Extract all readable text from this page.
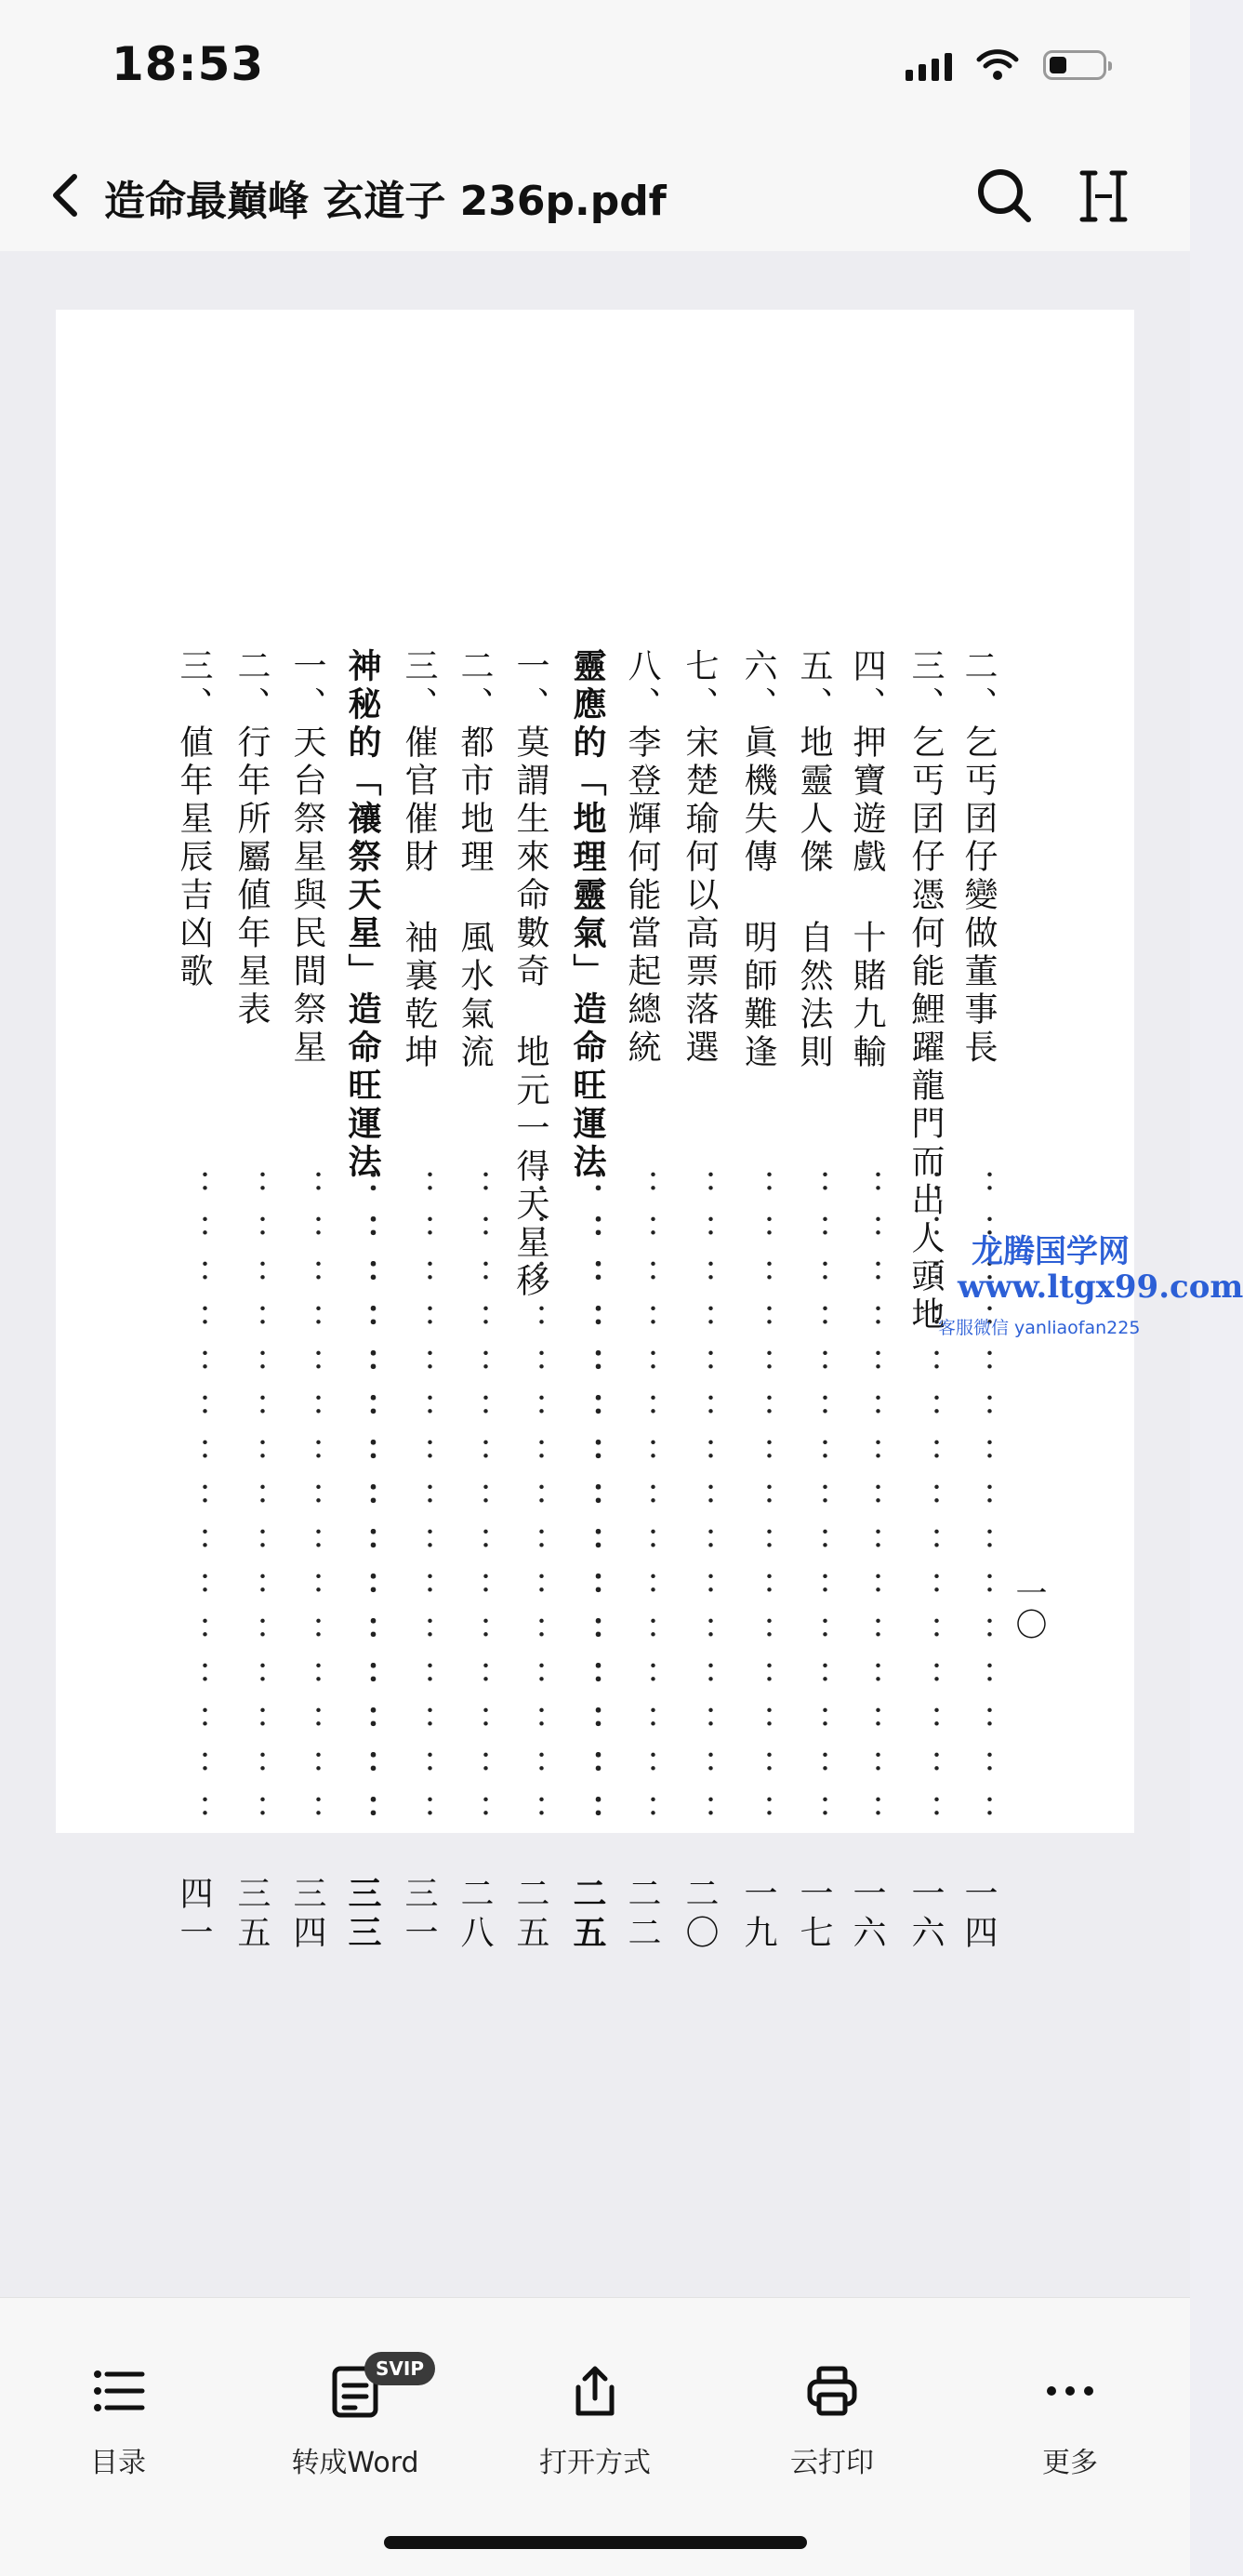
18:53
造命最巔峰 玄道子 236p.pdf
二、乞丐囝仔變做董事長
：：：：：：：：：：：：：：：
一四
三、乞丐囝仔憑何能鯉躍龍門而出人頭地
：：：：：：：：：：：：：：：
一六
四、押寶遊戲 十賭九輸
：：：：：：：：：：：：：：：
一六
五、地靈人傑 自然法則
：：：：：：：：：：：：：：：
一七
六、眞機失傳 明師難逢
：：：：：：：：：：：：：：：
一九
七、宋楚瑜何以高票落選
：：：：：：：：：：：：：：：
二〇
八、李登輝何能當起總統
：：：：：：：：：：：：：：：
二二
靈應的「地理靈氣」造命旺運法
：：：：：：：：：：：：：：：
二五
一、莫謂生來命數奇 地元一得天星移
：：：：：：：：：：：：：：：
二五
二、都市地理 風水氣流
：：：：：：：：：：：：：：：
二八
三、催官催財 袖裏乾坤
：：：：：：：：：：：：：：：
三一
神秘的「禳祭天星」造命旺運法
：：：：：：：：：：：：：：：
三三
一、天台祭星與民間祭星
：：：：：：：：：：：：：：：
三四
二、行年所屬値年星表
：：：：：：：：：：：：：：：
三五
三、値年星辰吉凶歌
：：：：：：：：：：：：：：：
四一
一〇
龙腾国学网
www.ltgx99.com
客服微信 yanliaofan225
目录	转成Word	打开方式	云打印	更多
SVIP
